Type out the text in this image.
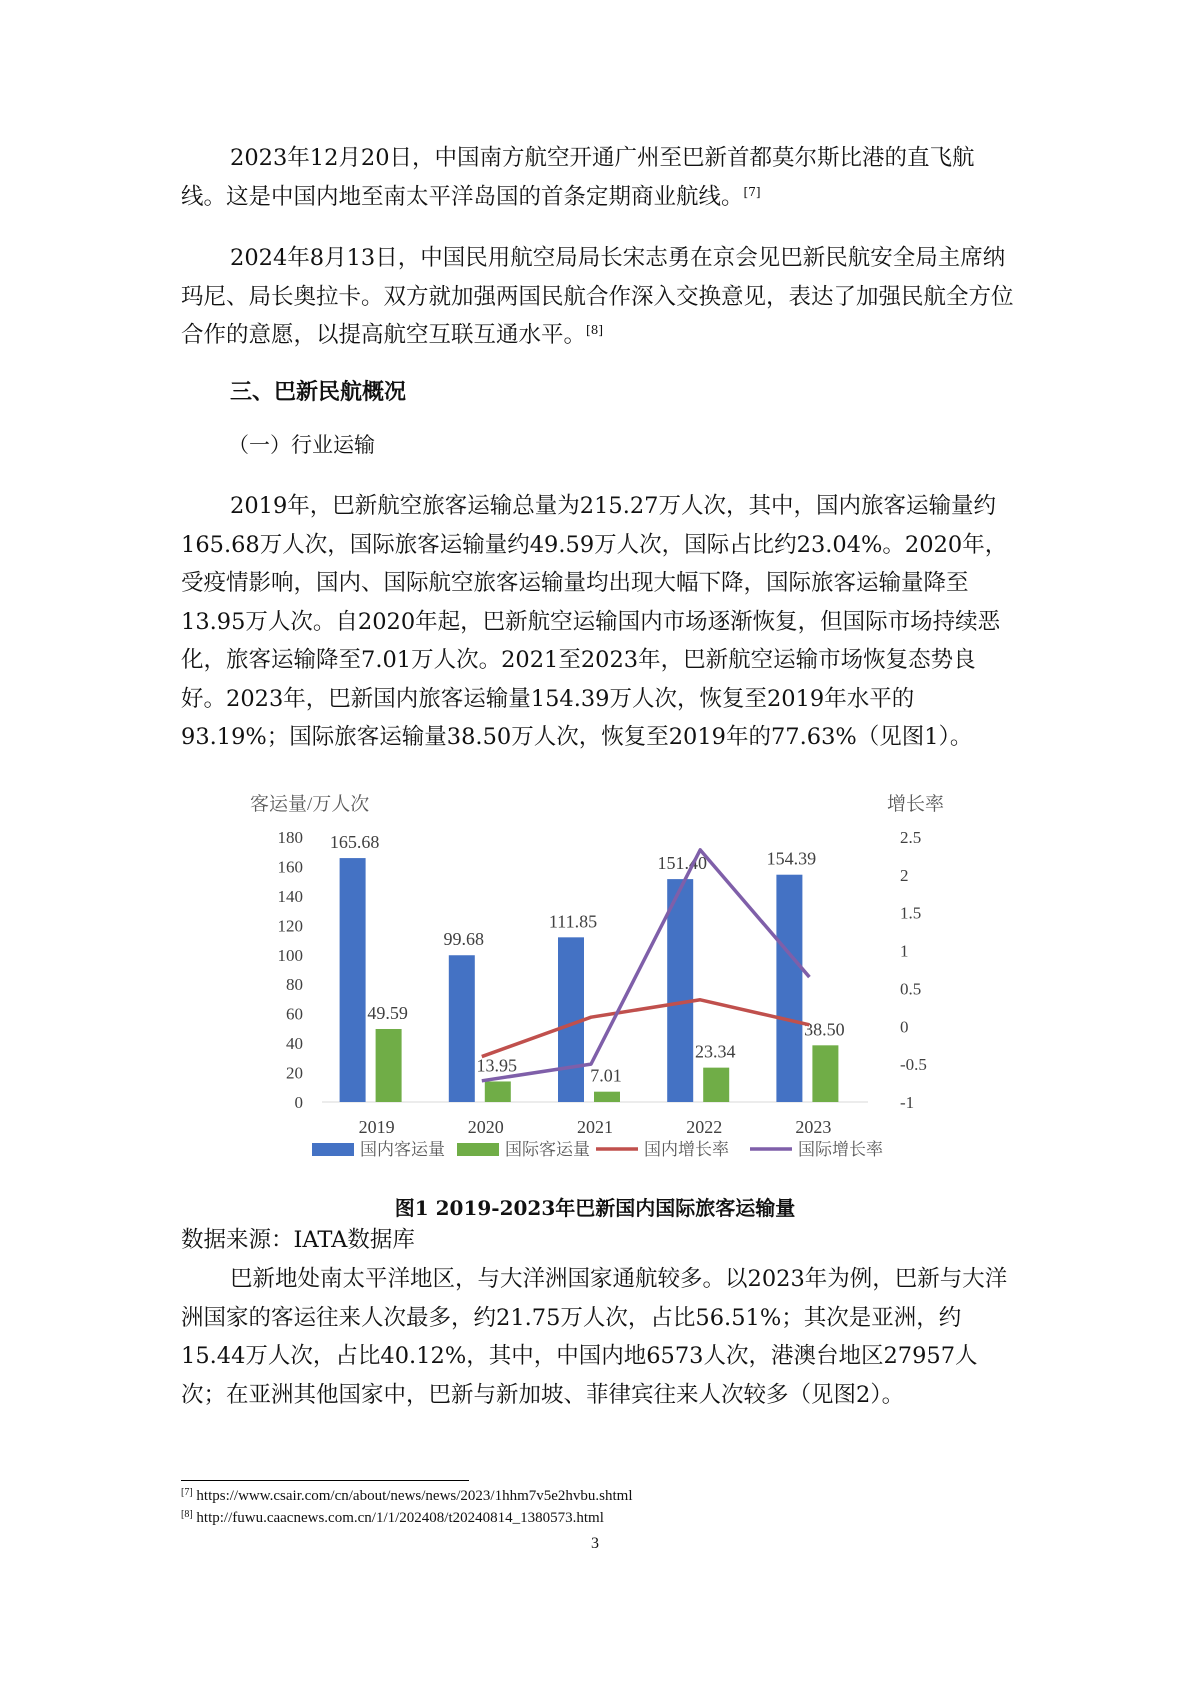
2023年12月20日，中国南方航空开通广州至巴新首都莫尔斯比港的直飞航线。这是中国内地至南太平洋岛国的首条定期商业航线。[7]

2024年8月13日，中国民用航空局局长宋志勇在京会见巴新民航安全局主席纳玛尼、局长奥拉卡。双方就加强两国民航合作深入交换意见，表达了加强民航全方位合作的意愿，以提高航空互联互通水平。[8]

三、巴新民航概况
（一）行业运输

2019年，巴新航空旅客运输总量为215.27万人次，其中，国内旅客运输量约165.68万人次，国际旅客运输量约49.59万人次，国际占比约23.04%。2020年，受疫情影响，国内、国际航空旅客运输量均出现大幅下降，国际旅客运输量降至13.95万人次。自2020年起，巴新航空运输国内市场逐渐恢复，但国际市场持续恶化，旅客运输降至7.01万人次。2021至2023年，巴新航空运输市场恢复态势良好。2023年，巴新国内旅客运输量154.39万人次，恢复至2019年水平的93.19%；国际旅客运输量38.50万人次，恢复至2019年的77.63%（见图1）。

客运量/万人次	增长率
0
20
40
60
80
100
120
140
160
180
-1
-0.5
0
0.5
1
1.5
2
2.5
165.68
49.59
2019
99.68
13.95
2020
111.85
7.01
2021
151.40
23.34
2022
154.39
38.50
2023
国内客运量	国际客运量	国内增长率	国际增长率
图1 2019-2023年巴新国内国际旅客运输量
数据来源：IATA数据库

巴新地处南太平洋地区，与大洋洲国家通航较多。以2023年为例，巴新与大洋洲国家的客运往来人次最多，约21.75万人次，占比56.51%；其次是亚洲，约15.44万人次，占比40.12%，其中，中国内地6573人次，港澳台地区27957人次；在亚洲其他国家中，巴新与新加坡、菲律宾往来人次较多（见图2）。

[7] https://www.csair.com/cn/about/news/news/2023/1hhm7v5e2hvbu.shtml
[8] http://fuwu.caacnews.com.cn/1/1/202408/t20240814_1380573.html
3
